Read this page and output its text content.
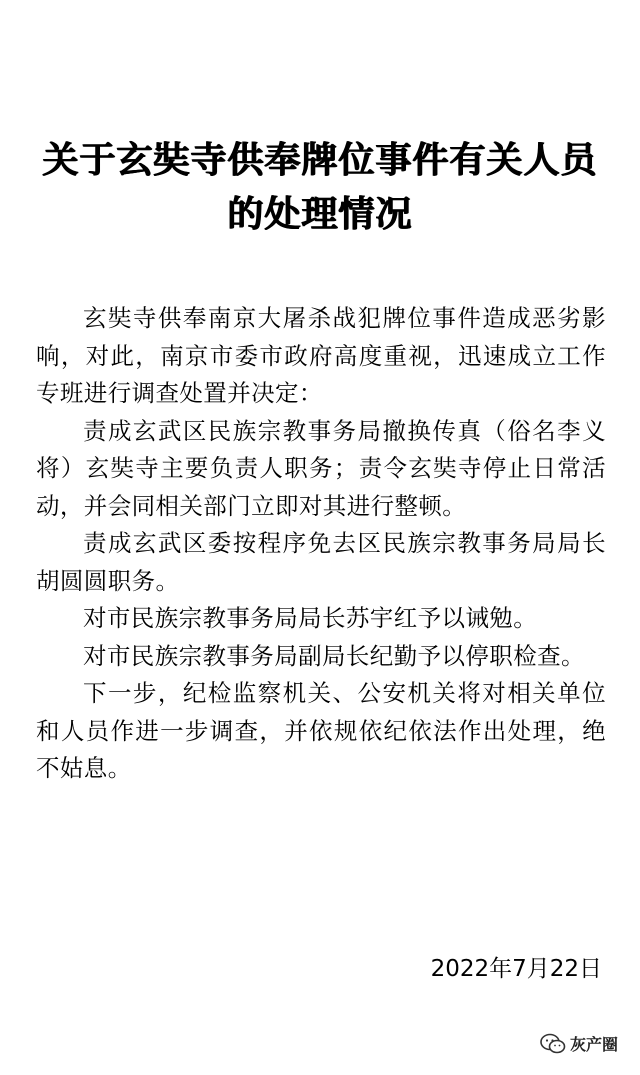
关于玄奘寺供奉牌位事件有关人员
的处理情况

玄奘寺供奉南京大屠杀战犯牌位事件造成恶劣影响，对此，南京市委市政府高度重视，迅速成立工作专班进行调查处置并决定：

责成玄武区民族宗教事务局撤换传真（俗名李义将）玄奘寺主要负责人职务；责令玄奘寺停止日常活动，并会同相关部门立即对其进行整顿。

责成玄武区委按程序免去区民族宗教事务局局长胡圆圆职务。

对市民族宗教事务局局长苏宇红予以诫勉。

对市民族宗教事务局副局长纪勤予以停职检查。

下一步，纪检监察机关、公安机关将对相关单位和人员作进一步调查，并依规依纪依法作出处理，绝不姑息。

2022年7月22日
灰产圈
